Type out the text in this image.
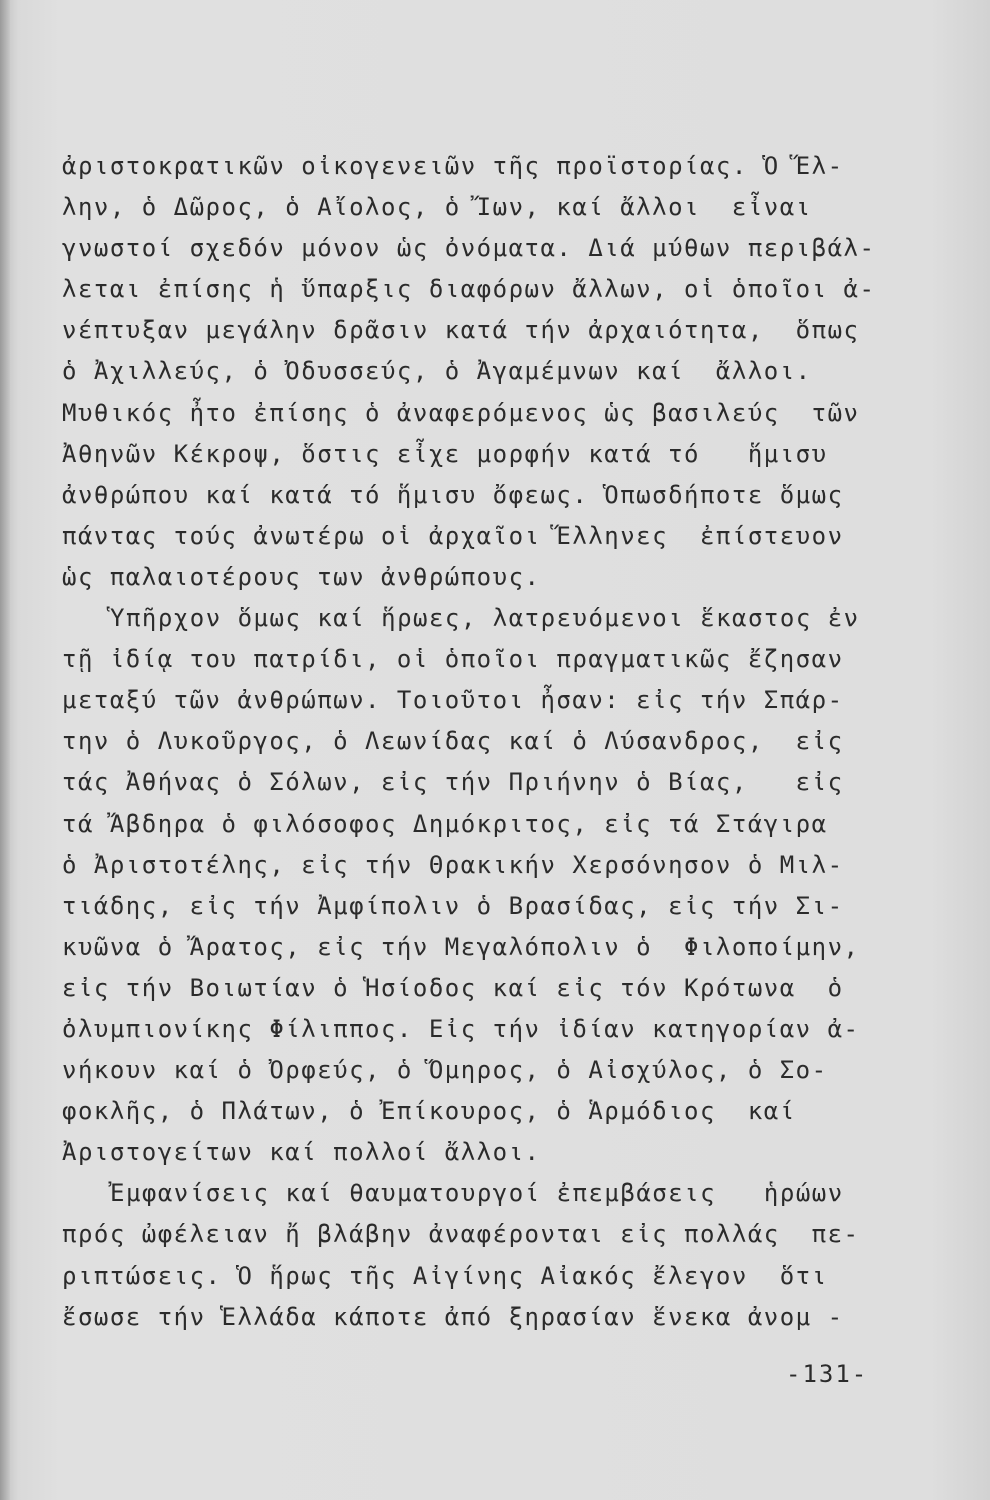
ἀριστοκρατικῶν οἰκογενειῶν τῆς προϊστορίας. Ὁ Ἕλ-
λην, ὁ Δῶρος, ὁ Αἴολος, ὁ Ἴων, καί ἄλλοι  εἶναι
γνωστοί σχεδόν μόνον ὡς ὀνόματα. Διά μύθων περιβάλ-
λεται ἐπίσης ἡ ὕπαρξις διαφόρων ἄλλων, οἱ ὁποῖοι ἀ-
νέπτυξαν μεγάλην δρᾶσιν κατά τήν ἀρχαιότητα,  ὅπως
ὁ Ἀχιλλεύς, ὁ Ὀδυσσεύς, ὁ Ἀγαμέμνων καί  ἄλλοι.
Μυθικός ἦτο ἐπίσης ὁ ἀναφερόμενος ὡς βασιλεύς  τῶν
Ἀθηνῶν Κέκροψ, ὅστις εἶχε μορφήν κατά τό   ἥμισυ
ἀνθρώπου καί κατά τό ἥμισυ ὄφεως. Ὁπωσδήποτε ὅμως
πάντας τούς ἀνωτέρω οἱ ἀρχαῖοι Ἕλληνες  ἐπίστευον
ὡς παλαιοτέρους των ἀνθρώπους.
Ὑπῆρχον ὅμως καί ἥρωες, λατρευόμενοι ἕκαστος ἐν
τῇ ἰδίᾳ του πατρίδι, οἱ ὁποῖοι πραγματικῶς ἔζησαν
μεταξύ τῶν ἀνθρώπων. Τοιοῦτοι ἦσαν: εἰς τήν Σπάρ-
την ὁ Λυκοῦργος, ὁ Λεωνίδας καί ὁ Λύσανδρος,  εἰς
τάς Ἀθήνας ὁ Σόλων, εἰς τήν Πριήνην ὁ Βίας,   εἰς
τά Ἄβδηρα ὁ φιλόσοφος Δημόκριτος, εἰς τά Στάγιρα
ὁ Ἀριστοτέλης, εἰς τήν Θρακικήν Χερσόνησον ὁ Μιλ-
τιάδης, εἰς τήν Ἀμφίπολιν ὁ Βρασίδας, εἰς τήν Σι-
κυῶνα ὁ Ἄρατος, εἰς τήν Μεγαλόπολιν ὁ  Φιλοποίμην,
εἰς τήν Βοιωτίαν ὁ Ἡσίοδος καί εἰς τόν Κρότωνα  ὁ
ὀλυμπιονίκης Φίλιππος. Εἰς τήν ἰδίαν κατηγορίαν ἀ-
νήκουν καί ὁ Ὀρφεύς, ὁ Ὅμηρος, ὁ Αἰσχύλος, ὁ Σο-
φοκλῆς, ὁ Πλάτων, ὁ Ἐπίκουρος, ὁ Ἁρμόδιος  καί
Ἀριστογείτων καί πολλοί ἄλλοι.
Ἐμφανίσεις καί θαυματουργοί ἐπεμβάσεις   ἡρώων
πρός ὠφέλειαν ἤ βλάβην ἀναφέρονται εἰς πολλάς  πε-
ριπτώσεις. Ὁ ἥρως τῆς Αἰγίνης Αἰακός ἔλεγον  ὅτι
ἔσωσε τήν Ἑλλάδα κάποτε ἀπό ξηρασίαν ἕνεκα ἀνομ -
-131-
